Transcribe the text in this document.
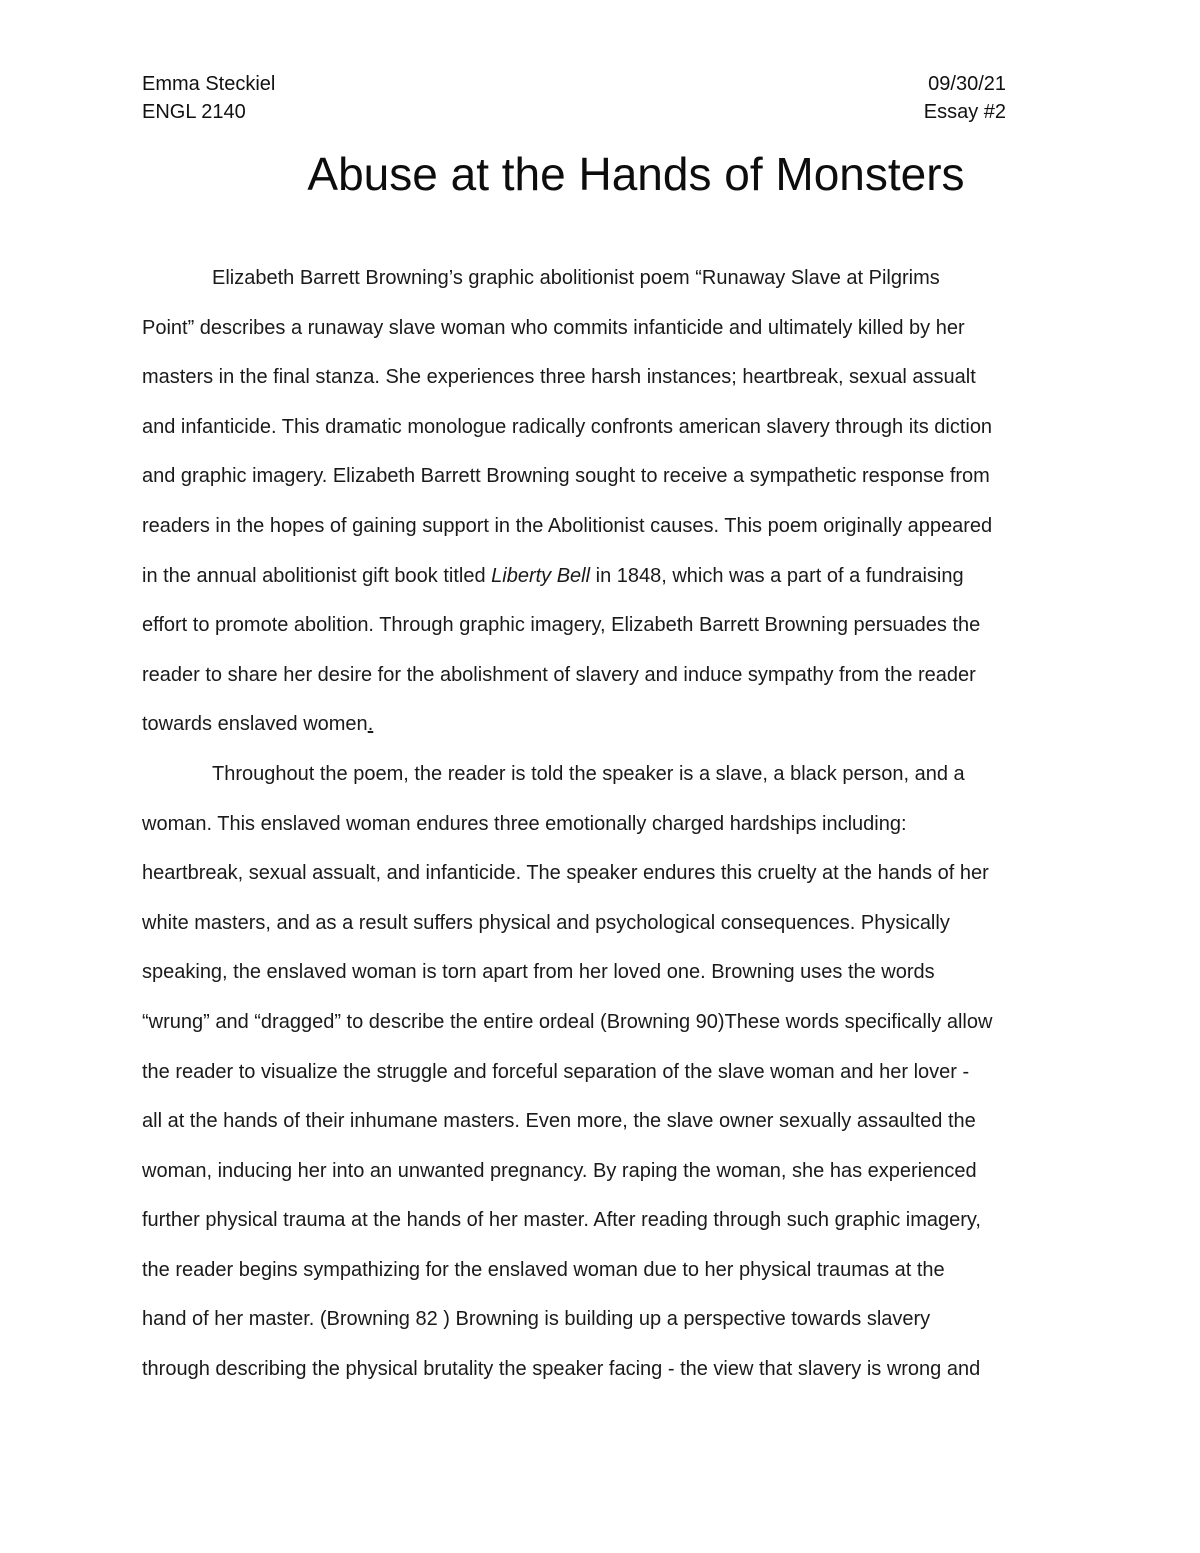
Emma Steckiel	09/30/21
ENGL 2140	Essay #2
Abuse at the Hands of Monsters
Elizabeth Barrett Browning’s graphic abolitionist poem “Runaway Slave at Pilgrims
Point” describes a runaway slave woman who commits infanticide and ultimately killed by her
masters in the final stanza. She experiences three harsh instances; heartbreak, sexual assualt
and infanticide. This dramatic monologue radically confronts american slavery through its diction
and graphic imagery. Elizabeth Barrett Browning sought to receive a sympathetic response from
readers in the hopes of gaining support in the Abolitionist causes. This poem originally appeared
in the annual abolitionist gift book titled Liberty Bell in 1848, which was a part of a fundraising
effort to promote abolition. Through graphic imagery, Elizabeth Barrett Browning persuades the
reader to share her desire for the abolishment of slavery and induce sympathy from the reader
towards enslaved women.
Throughout the poem, the reader is told the speaker is a slave, a black person, and a
woman. This enslaved woman endures three emotionally charged hardships including:
heartbreak, sexual assualt, and infanticide. The speaker endures this cruelty at the hands of her
white masters, and as a result suffers physical and psychological consequences. Physically
speaking, the enslaved woman is torn apart from her loved one. Browning uses the words
“wrung” and “dragged” to describe the entire ordeal (Browning 90)These words specifically allow
the reader to visualize the struggle and forceful separation of the slave woman and her lover -
all at the hands of their inhumane masters. Even more, the slave owner sexually assaulted the
woman, inducing her into an unwanted pregnancy. By raping the woman, she has experienced
further physical trauma at the hands of her master. After reading through such graphic imagery,
the reader begins sympathizing for the enslaved woman due to her physical traumas at the
hand of her master. (Browning 82 ) Browning is building up a perspective towards slavery
through describing the physical brutality the speaker facing - the view that slavery is wrong and
